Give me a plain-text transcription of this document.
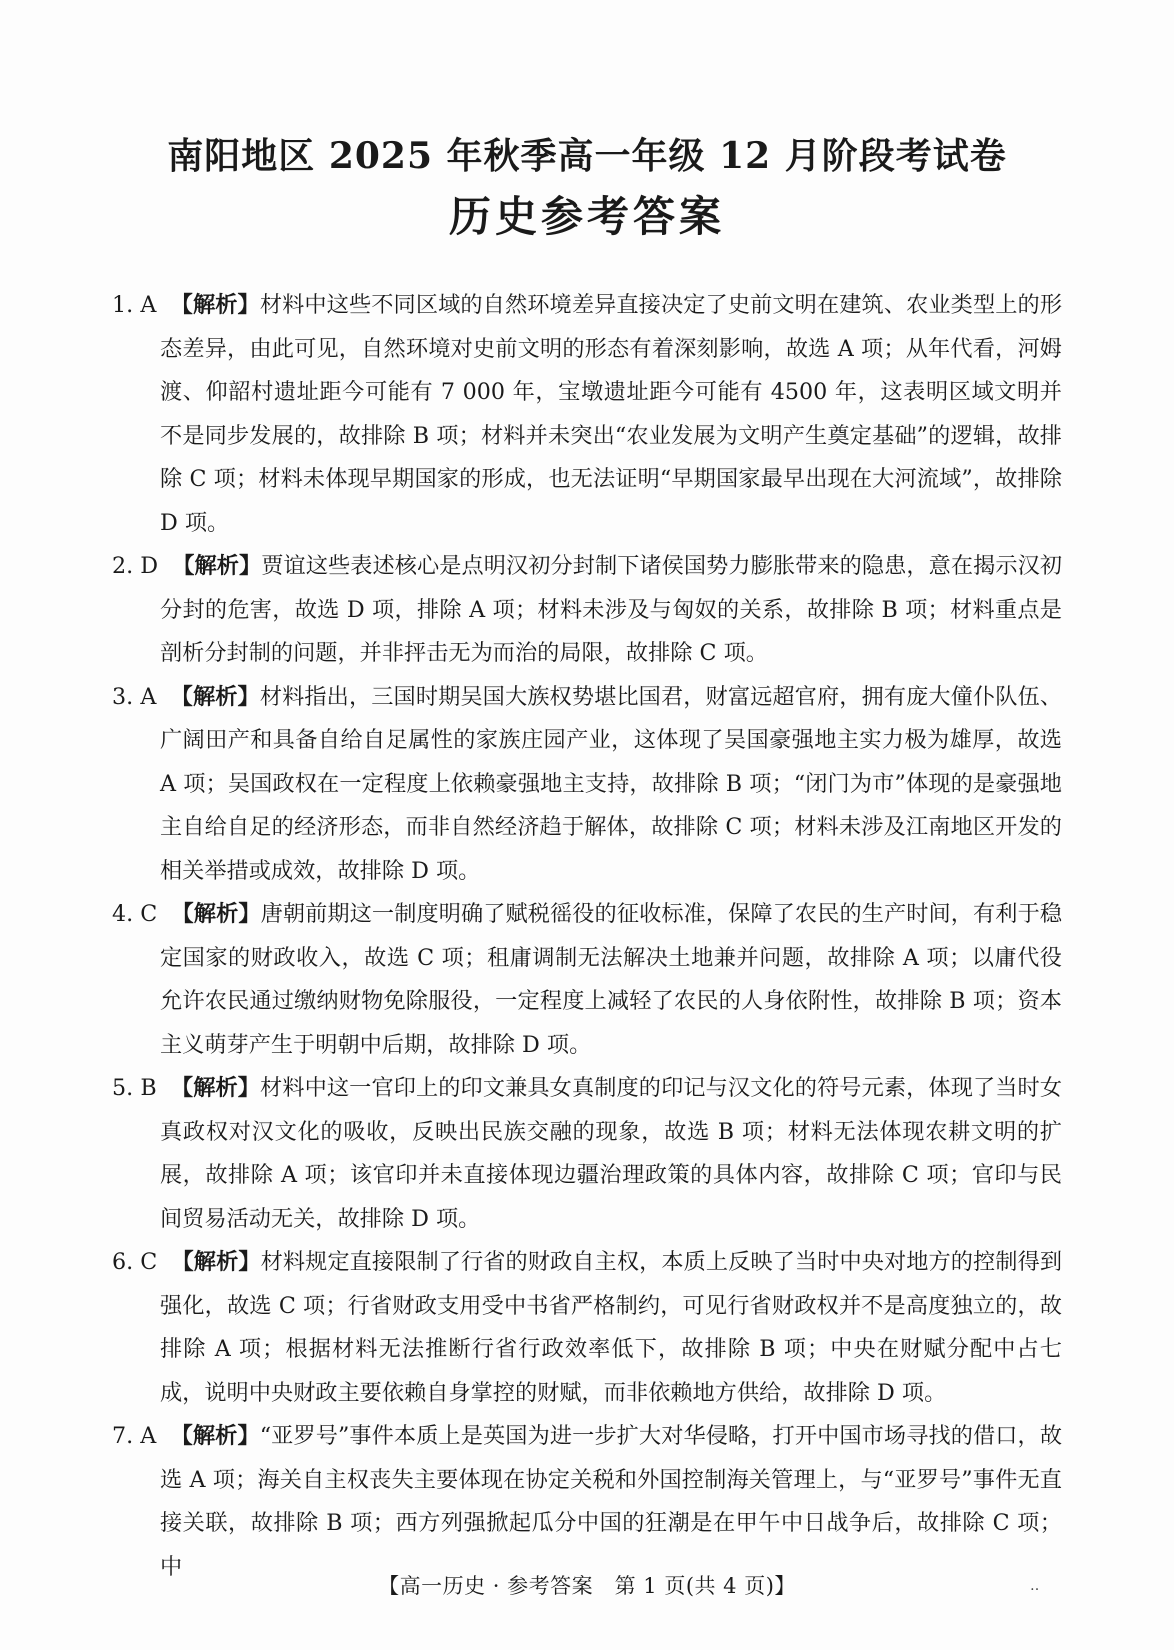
南阳地区 2025 年秋季高一年级 12 月阶段考试卷
历史参考答案
1. A 【解析】材料中这些不同区域的自然环境差异直接决定了史前文明在建筑、农业类型上的形态差异，由此可见，自然环境对史前文明的形态有着深刻影响，故选 A 项；从年代看，河姆渡、仰韶村遗址距今可能有 7 000 年，宝墩遗址距今可能有 4500 年，这表明区域文明并不是同步发展的，故排除 B 项；材料并未突出“农业发展为文明产生奠定基础”的逻辑，故排除 C 项；材料未体现早期国家的形成，也无法证明“早期国家最早出现在大河流域”，故排除 D 项。
2. D 【解析】贾谊这些表述核心是点明汉初分封制下诸侯国势力膨胀带来的隐患，意在揭示汉初分封的危害，故选 D 项，排除 A 项；材料未涉及与匈奴的关系，故排除 B 项；材料重点是剖析分封制的问题，并非抨击无为而治的局限，故排除 C 项。
3. A 【解析】材料指出，三国时期吴国大族权势堪比国君，财富远超官府，拥有庞大僮仆队伍、广阔田产和具备自给自足属性的家族庄园产业，这体现了吴国豪强地主实力极为雄厚，故选 A 项；吴国政权在一定程度上依赖豪强地主支持，故排除 B 项；“闭门为市”体现的是豪强地主自给自足的经济形态，而非自然经济趋于解体，故排除 C 项；材料未涉及江南地区开发的相关举措或成效，故排除 D 项。
4. C 【解析】唐朝前期这一制度明确了赋税徭役的征收标准，保障了农民的生产时间，有利于稳定国家的财政收入，故选 C 项；租庸调制无法解决土地兼并问题，故排除 A 项；以庸代役允许农民通过缴纳财物免除服役，一定程度上减轻了农民的人身依附性，故排除 B 项；资本主义萌芽产生于明朝中后期，故排除 D 项。
5. B 【解析】材料中这一官印上的印文兼具女真制度的印记与汉文化的符号元素，体现了当时女真政权对汉文化的吸收，反映出民族交融的现象，故选 B 项；材料无法体现农耕文明的扩展，故排除 A 项；该官印并未直接体现边疆治理政策的具体内容，故排除 C 项；官印与民间贸易活动无关，故排除 D 项。
6. C 【解析】材料规定直接限制了行省的财政自主权，本质上反映了当时中央对地方的控制得到强化，故选 C 项；行省财政支用受中书省严格制约，可见行省财政权并不是高度独立的，故排除 A 项；根据材料无法推断行省行政效率低下，故排除 B 项；中央在财赋分配中占七成，说明中央财政主要依赖自身掌控的财赋，而非依赖地方供给，故排除 D 项。
7. A 【解析】“亚罗号”事件本质上是英国为进一步扩大对华侵略，打开中国市场寻找的借口，故选 A 项；海关自主权丧失主要体现在协定关税和外国控制海关管理上，与“亚罗号”事件无直接关联，故排除 B 项；西方列强掀起瓜分中国的狂潮是在甲午中日战争后，故排除 C 项；中
【高一历史 · 参考答案　第 1 页(共 4 页)】	‥
